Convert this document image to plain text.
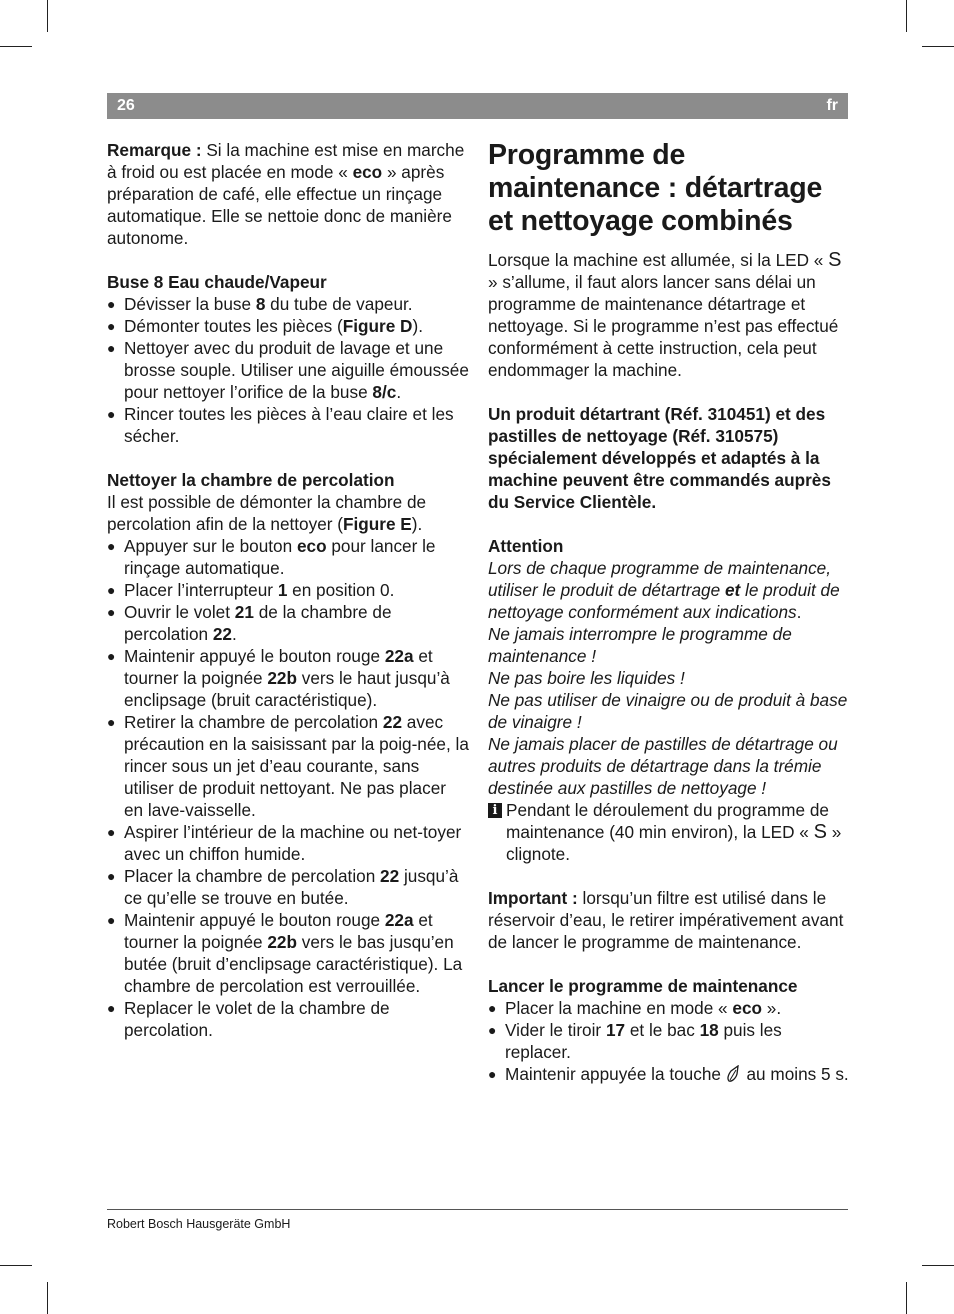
26	fr

Remarque : Si la machine est mise en marche à froid ou est placée en mode « eco » après préparation de café, elle effectue un rinçage automatique. Elle se nettoie donc de manière autonome.

Buse 8 Eau chaude/Vapeur

● Dévisser la buse 8 du tube de vapeur.
● Démonter toutes les pièces (Figure D).
● Nettoyer avec du produit de lavage et une brosse souple. Utiliser une aiguille émoussée pour nettoyer l’orifice de la buse 8/c.
● Rincer toutes les pièces à l’eau claire et les sécher.

Nettoyer la chambre de percolation

Il est possible de démonter la chambre de percolation afin de la nettoyer (Figure E).

● Appuyer sur le bouton eco pour lancer le rinçage automatique.
● Placer l’interrupteur 1 en position 0.
● Ouvrir le volet 21 de la chambre de percolation 22.
● Maintenir appuyé le bouton rouge 22a et tourner la poignée 22b vers le haut jusqu’à enclipsage (bruit caractéristique).
● Retirer la chambre de percolation 22 avec précaution en la saisissant par la poig-née, la rincer sous un jet d’eau courante, sans utiliser de produit nettoyant. Ne pas placer en lave-vaisselle.
● Aspirer l’intérieur de la machine ou net-toyer avec un chiffon humide.
● Placer la chambre de percolation 22 jusqu’à ce qu’elle se trouve en butée.
● Maintenir appuyé le bouton rouge 22a et tourner la poignée 22b vers le bas jusqu’en butée (bruit d’enclipsage caractéristique). La chambre de percolation est verrouillée.
● Replacer le volet de la chambre de percolation.
Programme de maintenance : détartrage et nettoyage combinés

Lorsque la machine est allumée, si la LED « S » s’allume, il faut alors lancer sans délai un programme de maintenance détartrage et nettoyage. Si le programme n’est pas effectué conformément à cette instruction, cela peut endommager la machine.

Un produit détartrant (Réf. 310451) et des pastilles de nettoyage (Réf. 310575) spécialement développés et adaptés à la machine peuvent être commandés auprès du Service Clientèle.

Attention

Lors de chaque programme de maintenance, utiliser le produit de détartrage et le produit de nettoyage conformément aux indications.

Ne jamais interrompre le programme de maintenance !

Ne pas boire les liquides !

Ne pas utiliser de vinaigre ou de produit à base de vinaigre !

Ne jamais placer de pastilles de détartrage ou autres produits de détartrage dans la trémie destinée aux pastilles de nettoyage !

i Pendant le déroulement du programme de maintenance (40 min environ), la LED « S » clignote.

Important : lorsqu’un filtre est utilisé dans le réservoir d’eau, le retirer impérativement avant de lancer le programme de maintenance.

Lancer le programme de maintenance

● Placer la machine en mode « eco ».
● Vider le tiroir 17 et le bac 18 puis les replacer.
● Maintenir appuyée la touche  au moins 5 s.
Robert Bosch Hausgeräte GmbH
